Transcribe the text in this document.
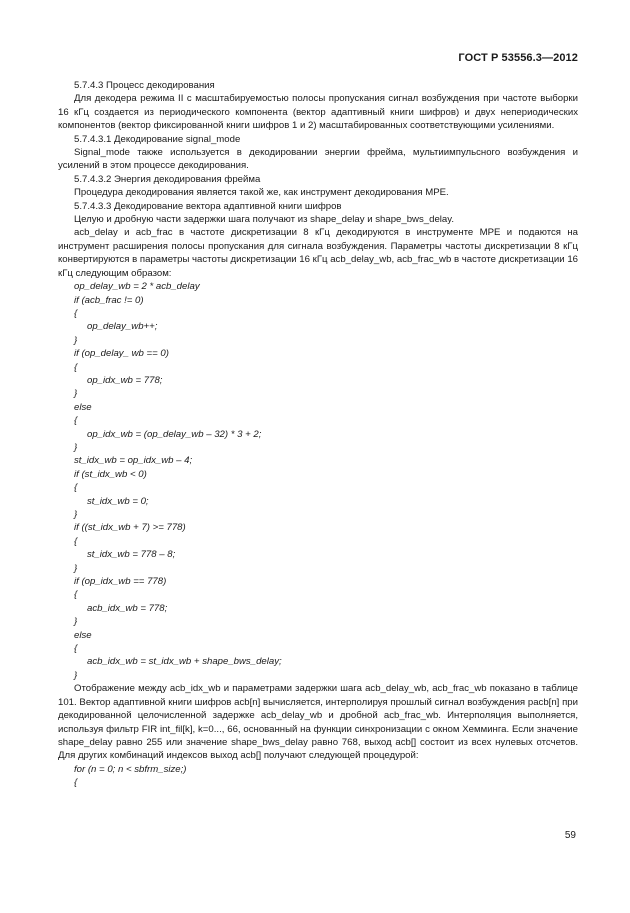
ГОСТ Р 53556.3—2012

5.7.4.3 Процесс декодирования

Для декодера режима II с масштабируемостью полосы пропускания сигнал возбуждения при частоте выборки 16 кГц создается из периодического компонента (вектор адаптивный книги шифров) и двух непериодических компонентов (вектор фиксированной книги шифров 1 и 2) масштабированных соответствующими усилениями.

5.7.4.3.1 Декодирование signal_mode

Signal_mode также используется в декодировании энергии фрейма, мультиимпульсного возбуждения и усилений в этом процессе декодирования.

5.7.4.3.2 Энергия декодирования фрейма

Процедура декодирования является такой же, как инструмент декодирования MPE.

5.7.4.3.3 Декодирование вектора адаптивной книги шифров

Целую и дробную части задержки шага получают из shape_delay и shape_bws_delay.

acb_delay и acb_frac в частоте дискретизации 8 кГц декодируются в инструменте MPE и подаются на инструмент расширения полосы пропускания для сигнала возбуждения. Параметры частоты дискретизации 8 кГц конвертируются в параметры частоты дискретизации 16 кГц acb_delay_wb, acb_frac_wb в частоте дискретизации 16 кГц следующим образом:

op_delay_wb = 2 * acb_delay

if (acb_frac != 0)

{

op_delay_wb++;

}

if (op_delay_ wb == 0)

{

op_idx_wb = 778;

}

else

{

op_idx_wb = (op_delay_wb – 32) * 3 + 2;

}

st_idx_wb = op_idx_wb – 4;

if (st_idx_wb < 0)

{

st_idx_wb = 0;

}

if ((st_idx_wb + 7) >= 778)

{

st_idx_wb = 778 – 8;

}

if (op_idx_wb == 778)

{

acb_idx_wb = 778;

}

else

{

acb_idx_wb = st_idx_wb + shape_bws_delay;

}

Отображение между acb_idx_wb и параметрами задержки шага acb_delay_wb, acb_frac_wb показано в таблице 101. Вектор адаптивной книги шифров acb[n] вычисляется, интерполируя прошлый сигнал возбуждения pacb[n] при декодированной целочисленной задержке acb_delay_wb и дробной acb_frac_wb. Интерполяция выполняется, используя фильтр FIR int_fil[k], k=0..., 66, основанный на функции синхронизации с окном Хемминга. Если значение shape_delay равно 255 или значение shape_bws_delay равно 768, выход acb[] состоит из всех нулевых отсчетов. Для других комбинаций индексов выход acb[] получают следующей процедурой:

for (n = 0; n < sbfrm_size;)

{

59
